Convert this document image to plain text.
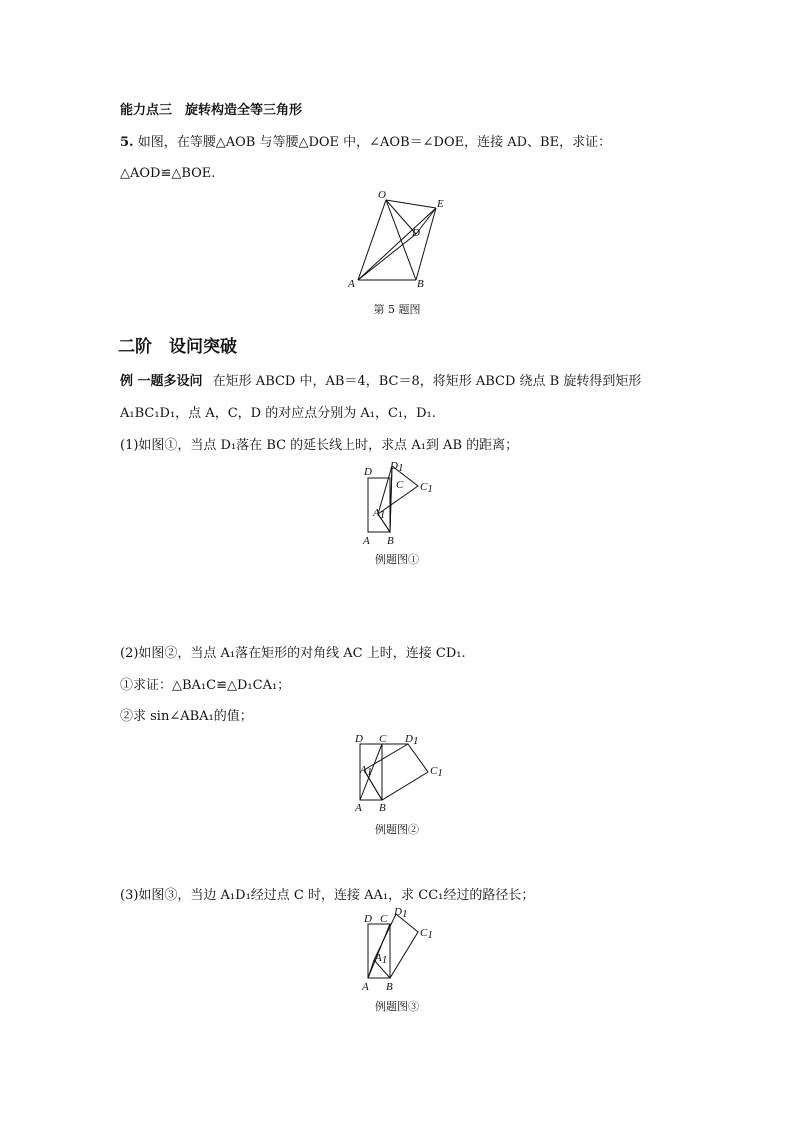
能力点三　旋转构造全等三角形
5. 如图，在等腰△AOB 与等腰△DOE 中，∠AOB＝∠DOE，连接 AD、BE，求证：
△AOD≌△BOE.
O
E
D
A	B
第 5 题图
二阶　设问突破
例 一题多设问 在矩形 ABCD 中，AB＝4，BC＝8，将矩形 ABCD 绕点 B 旋转得到矩形
A₁BC₁D₁，点 A，C，D 的对应点分别为 A₁，C₁，D₁.
(1)如图①，当点 D₁落在 BC 的延长线上时，求点 A₁到 AB 的距离；
D D1
C C1
A1
A B
例题图①
(2)如图②，当点 A₁落在矩形的对角线 AC 上时，连接 CD₁.
①求证：△BA₁C≌△D₁CA₁；
②求 sin∠ABA₁的值；
D C D1
C1
A1
A B
例题图②
(3)如图③，当边 A₁D₁经过点 C 时，连接 AA₁，求 CC₁经过的路径长；
D C
D1
C1
A1
A B
例题图③
